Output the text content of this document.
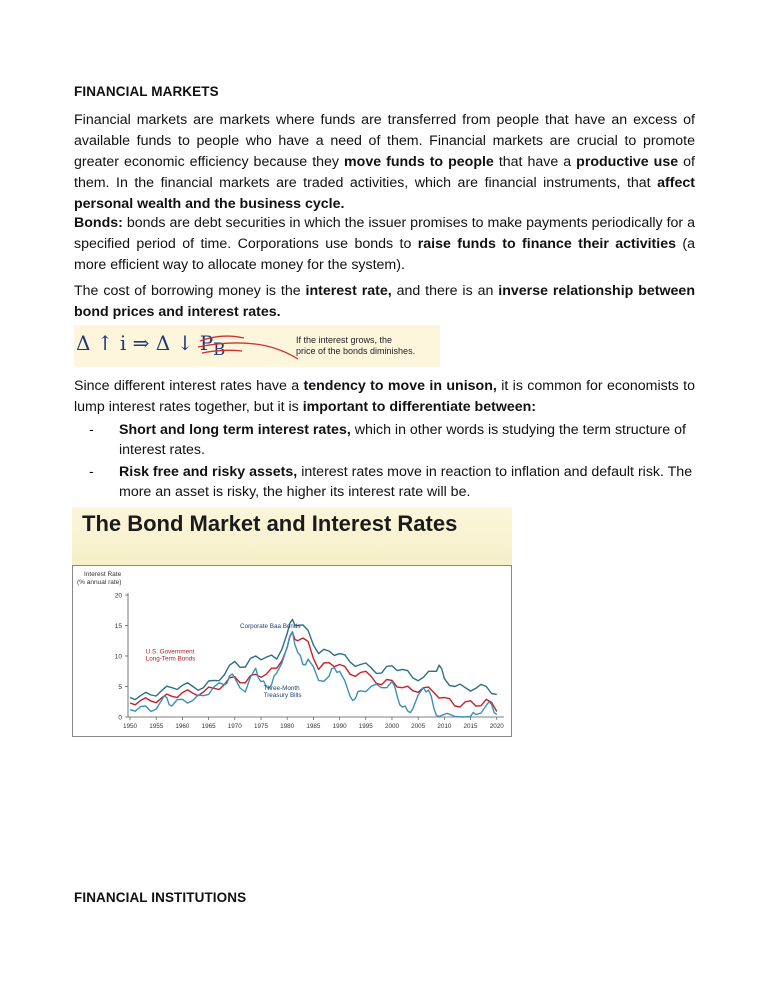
FINANCIAL MARKETS
Financial markets are markets where funds are transferred from people that have an excess of available funds to people who have a need of them. Financial markets are crucial to promote greater economic efficiency because they move funds to people that have a productive use of them. In the financial markets are traded activities, which are financial instruments, that affect personal wealth and the business cycle.
Bonds: bonds are debt securities in which the issuer promises to make payments periodically for a specified period of time. Corporations use bonds to raise funds to finance their activities (a more efficient way to allocate money for the system).
The cost of borrowing money is the interest rate, and there is an inverse relationship between bond prices and interest rates.
Δ ↑ i ⇒ Δ ↓ $P_B$	If the interest grows, the
price of the bonds diminishes.
Since different interest rates have a tendency to move in unison, it is common for economists to lump interest rates together, but it is important to differentiate between:
- Short and long term interest rates, which in other words is studying the term structure of interest rates.
- Risk free and risky assets, interest rates move in reaction to inflation and default risk. The more an asset is risky, the higher its interest rate will be.
The Bond Market and Interest Rates
Interest Rate
(% annual rate)
0
5
10
15
20
1950 1955 1960 1965 1970 1975 1980 1985 1990 1995 2000 2005 2010 2015 2020
Corporate Baa Bonds
U.S. Government
Long-Term Bonds
Three-Month
Treasury Bills
FINANCIAL INSTITUTIONS
